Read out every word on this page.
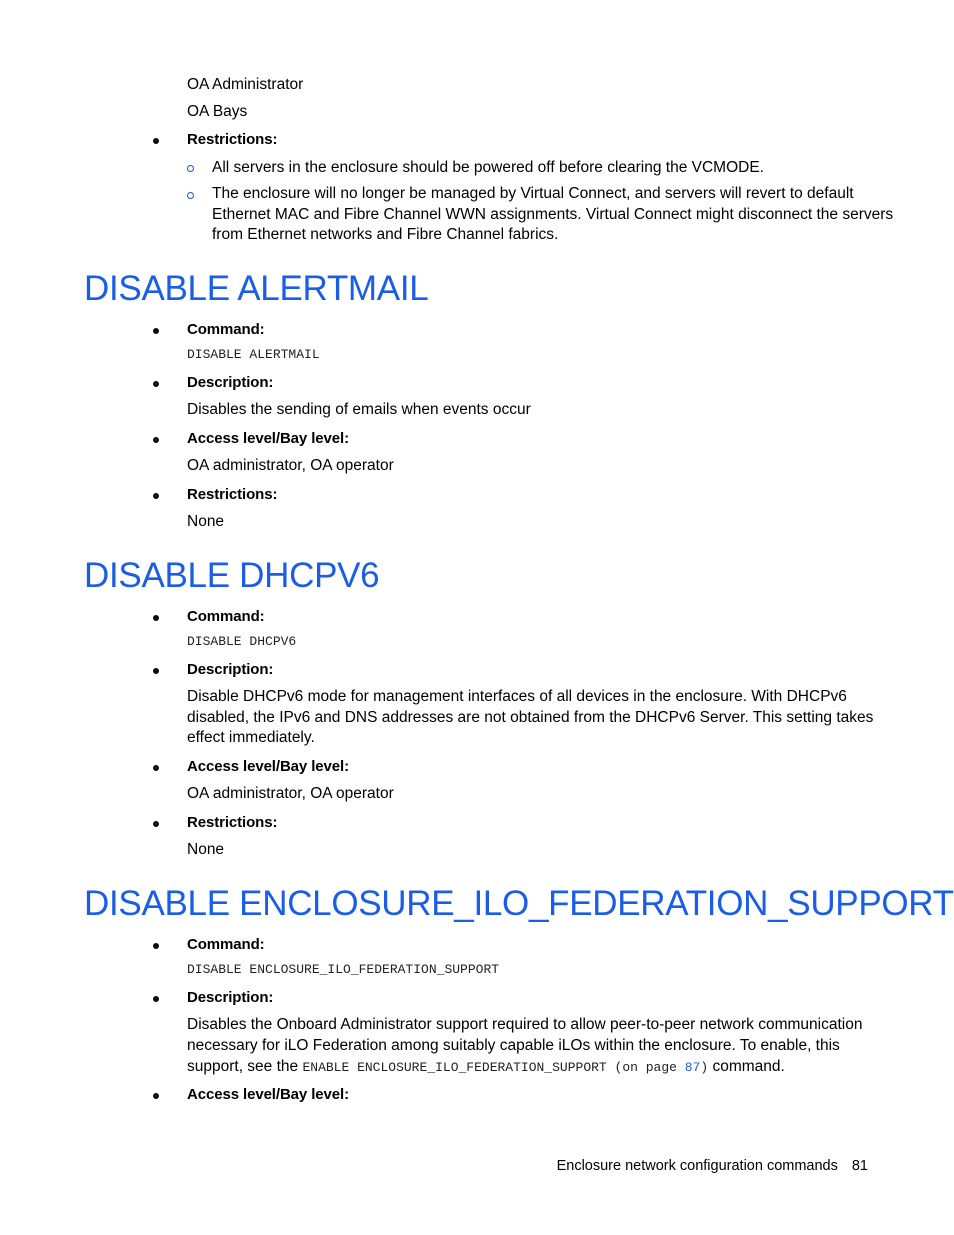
OA Administrator
OA Bays
Restrictions:
All servers in the enclosure should be powered off before clearing the VCMODE.
The enclosure will no longer be managed by Virtual Connect, and servers will revert to default
Ethernet MAC and Fibre Channel WWN assignments. Virtual Connect might disconnect the servers
from Ethernet networks and Fibre Channel fabrics.
DISABLE ALERTMAIL
Command:
DISABLE ALERTMAIL
Description:
Disables the sending of emails when events occur
Access level/Bay level:
OA administrator, OA operator
Restrictions:
None
DISABLE DHCPV6
Command:
DISABLE DHCPV6
Description:
Disable DHCPv6 mode for management interfaces of all devices in the enclosure. With DHCPv6
disabled, the IPv6 and DNS addresses are not obtained from the DHCPv6 Server. This setting takes
effect immediately.
Access level/Bay level:
OA administrator, OA operator
Restrictions:
None
DISABLE ENCLOSURE_ILO_FEDERATION_SUPPORT
Command:
DISABLE ENCLOSURE_ILO_FEDERATION_SUPPORT
Description:
Disables the Onboard Administrator support required to allow peer-to-peer network communication
necessary for iLO Federation among suitably capable iLOs within the enclosure. To enable, this
support, see the ENABLE ENCLOSURE_ILO_FEDERATION_SUPPORT (on page 87) command.
Access level/Bay level:
Enclosure network configuration commands 81
